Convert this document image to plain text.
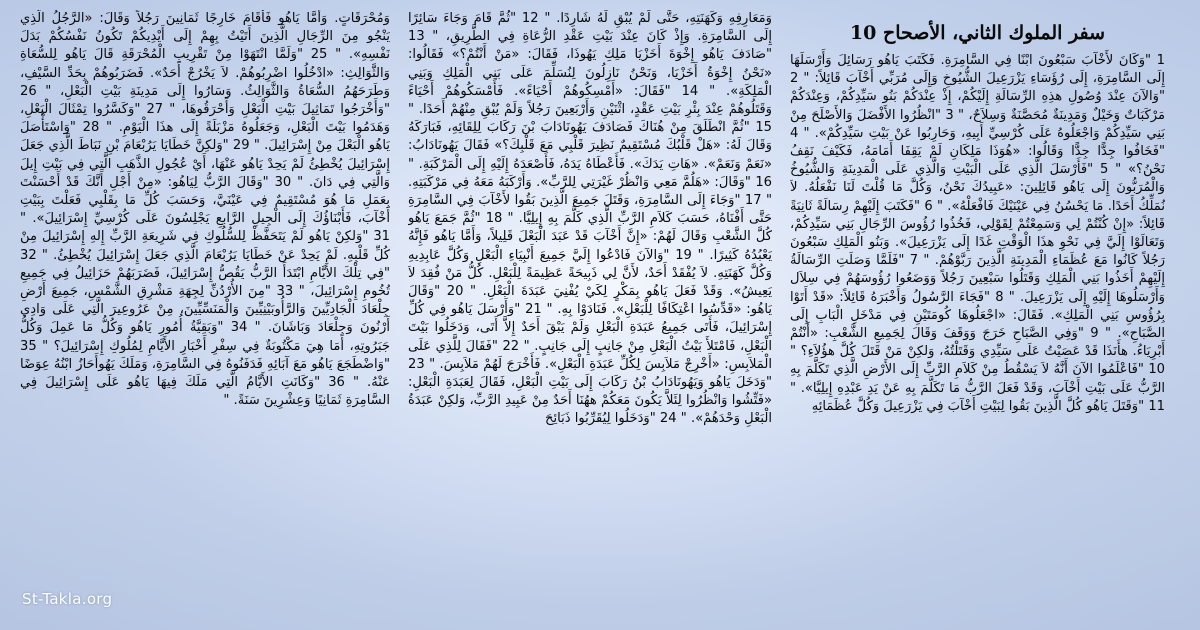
سفر الملوك الثاني، الأصحاح 10

1 "وَكَانَ لأَخْآبَ سَبْعُونَ ابْنًا فِي السَّامِرَةِ. فَكَتَبَ يَاهُو رَسَائِلَ وَأَرْسَلَهَا إِلَى السَّامِرَةِ، إِلَى رُؤَسَاءِ يَزْرَعِيلَ الشُّيُوخِ وَإِلَى مُرَبِّي أَخْآبَ قَائِلاً: " 2 "وَالآنَ عِنْدَ وُصُولِ هذِهِ الرِّسَالَةِ إِلَيْكُمْ، إِذْ عِنْدَكُمْ بَنُو سَيِّدِكُمْ، وَعِنْدَكُمْ مَرْكَبَاتٌ وَخَيْلٌ وَمَدِينَةٌ مُحَصَّنَةٌ وَسِلاَحٌ، " 3 "انْظُرُوا الأَفْضَلَ وَالأَصْلَحَ مِنْ بَنِي سَيِّدِكُمْ وَاجْعَلُوهُ عَلَى كُرْسِيِّ أَبِيهِ، وَحَارِبُوا عَنْ بَيْتِ سَيِّدِكُمْ». " 4 "فَخَافُوا جِدًّا جِدًّا وَقَالُوا: «هُوَذَا مَلِكَانِ لَمْ يَقِفَا أَمَامَهُ، فَكَيْفَ نَقِفُ نَحْنُ؟» " 5 "فَأَرْسَلَ الَّذِي عَلَى الْبَيْتِ وَالَّذِي عَلَى الْمَدِينَةِ وَالشُّيُوخُ وَالْمُرَبُّونَ إِلَى يَاهُو قَائِلِينَ: «عَبِيدُكَ نَحْنُ، وَكُلَّ مَا قُلْتَ لَنَا نَفْعَلُهُ. لاَ نُمَلِّكُ أَحَدًا. مَا يَحْسُنُ فِي عَيْنَيْكَ فَافْعَلْهُ». " 6 "فَكَتَبَ إِلَيْهِمْ رِسَالَةً ثَانِيَةً قَائِلاً: «إِنْ كُنْتُمْ لِي وَسَمِعْتُمْ لِقَوْلِي، فَخُذُوا رُؤُوسَ الرِّجَالِ بَنِي سَيِّدِكُمْ، وَتَعَالَوْا إِلَيَّ فِي نَحْوِ هذَا الْوَقْتِ غَدًا إِلَى يَزْرَعِيلَ». وَبَنُو الْمَلِكِ سَبْعُونَ رَجُلاً كَانُوا مَعَ عُظَمَاءِ الْمَدِينَةِ الَّذِينَ رَبَّوْهُمْ. " 7 "فَلَمَّا وَصَلَتِ الرِّسَالَةُ إِلَيْهِمْ أَخَذُوا بَنِي الْمَلِكِ وَقَتَلُوا سَبْعِينَ رَجُلاً وَوَضَعُوا رُؤُوسَهُمْ فِي سِلاَل وَأَرْسَلُوهَا إِلَيْهِ إِلَى يَزْرَعِيلَ. " 8 "فَجَاءَ الرَّسُولُ وَأَخْبَرَهُ قَائِلاً: «قَدْ أَتَوْا بِرُؤُوسِ بَنِي الْمَلِكِ». فَقَالَ: «اجْعَلُوهَا كُومَتَيْنِ فِي مَدْخَلِ الْبَابِ إِلَى الصَّبَاحِ». " 9 "وَفِي الصَّبَاحِ خَرَجَ وَوَقَفَ وَقَالَ لِجَمِيعِ الشَّعْبِ: «أَنْتُمْ أَبْرِيَاءُ. هأَنَذَا قَدْ عَصَيْتُ عَلَى سَيِّدِي وَقَتَلْتُهُ، وَلكِنْ مَنْ قَتَلَ كُلَّ هؤُلاَءِ؟ " 10 "فَاعْلَمُوا الآنَ أَنَّهُ لاَ يَسْقُطُ مِنْ كَلاَمِ الرَّبِّ إِلَى الأَرْضِ الَّذِي تَكَلَّمَ بِهِ الرَّبُّ عَلَى بَيْتِ أَخْآبَ، وَقَدْ فَعَلَ الرَّبُّ مَا تَكَلَّمَ بِهِ عَنْ يَدِ عَبْدِهِ إِيلِيَّا». " 11 "وَقَتَلَ يَاهُو كُلَّ الَّذِينَ بَقُوا لِبَيْتِ أَخْآبَ فِي يَزْرَعِيلَ وَكُلَّ عُظَمَائِهِ

وَمَعَارِفِهِ وَكَهَنَتِهِ، حَتَّى لَمْ يُبْقِ لَهُ شَارِدًا. " 12 "ثُمَّ قَامَ وَجَاءَ سَائِرًا إِلَى السَّامِرَةِ. وَإِذْ كَانَ عِنْدَ بَيْتِ عَقْدِ الرُّعَاةِ فِي الطَّرِيقِ، " 13 "صَادَفَ يَاهُو إِخْوَةَ أَخَزْيَا مَلِكِ يَهُوذَا، فَقَالَ: «مَنْ أَنْتُمْ؟» فَقَالُوا: «نَحْنُ إِخْوَةُ أَخَزْيَا، وَنَحْنُ نَازِلُونَ لِنُسَلِّمَ عَلَى بَنِي الْمَلِكِ وَبَنِي الْمَلِكَةِ». " 14 "فَقَالَ: «أَمْسِكُوهُمْ أَحْيَاءً». فَأَمْسَكُوهُمْ أَحْيَاءً وَقَتَلُوهُمْ عِنْدَ بِئْرِ بَيْتِ عَقْدٍ، اثْنَيْنِ وَأَرْبَعِينَ رَجُلاً وَلَمْ يُبْقِ مِنْهُمْ أَحَدًا. " 15 "ثُمَّ انْطَلَقَ مِنْ هُنَاكَ فَصَادَفَ يَهُونَادَابَ بْنَ رَكَابَ لِلِقَائِهِ، فَبَارَكَهُ وَقَالَ لَهُ: «هَلْ قَلْبُكَ مُسْتَقِيمٌ نَظِيرَ قَلْبِي مَعَ قَلْبِكَ؟» فَقَالَ يَهُونَادَابُ: «نَعَمْ وَنَعَمْ». «هَاتِ يَدَكَ». فَأَعْطَاهُ يَدَهُ، فَأَصْعَدَهُ إِلَيْهِ إِلَى الْمَرْكَبَةِ. " 16 "وَقَالَ: «هَلُمَّ مَعِي وَانْظُرْ غَيْرَتِي لِلرَّبِّ». وَأَرْكَبَهُ مَعَهُ فِي مَرْكَبَتِهِ. " 17 "وَجَاءَ إِلَى السَّامِرَةِ، وَقَتَلَ جَمِيعَ الَّذِينَ بَقُوا لأَخْآبَ فِي السَّامِرَةِ حَتَّى أَفْنَاهُ، حَسَبَ كَلاَمِ الرَّبِّ الَّذِي كَلَّمَ بِهِ إِيلِيَّا. " 18 "ثُمَّ جَمَعَ يَاهُو كُلَّ الشَّعْبِ وَقَالَ لَهُمْ: «إِنَّ أَخْآبَ قَدْ عَبَدَ الْبَعْلَ قَلِيلاً، وَأَمَّا يَاهُو فَإِنَّهُ يَعْبُدُهُ كَثِيرًا. " 19 "وَالآنَ فَادْعُوا إِلَيَّ جَمِيعَ أَنْبِيَاءِ الْبَعْلِ وَكُلَّ عَابِدِيهِ وَكُلَّ كَهَنَتِهِ. لاَ يُفْقَدْ أَحَدٌ، لأَنَّ لِي ذَبِيحَةً عَظِيمَةً لِلْبَعْلِ. كُلُّ مَنْ فُقِدَ لاَ يَعِيشُ». وَقَدْ فَعَلَ يَاهُو بِمَكْرٍ لِكَيْ يُفْنِيَ عَبَدَةَ الْبَعْلِ. " 20 "وَقَالَ يَاهُو: «قَدِّسُوا اعْتِكَافًا لِلْبَعْلِ». فَنَادَوْا بِهِ. " 21 "وَأَرْسَلَ يَاهُو فِي كُلِّ إِسْرَائِيلَ، فَأَتَى جَمِيعُ عَبَدَةِ الْبَعْلِ وَلَمْ يَبْقَ أَحَدٌ إِلاَّ أَتَى، وَدَخَلُوا بَيْتَ الْبَعْلِ، فَامْتَلأَ بَيْتُ الْبَعْلِ مِنْ جَانِبٍ إِلَى جَانِبٍ. " 22 "فَقَالَ لِلَّذِي عَلَى الْمَلاَبِسِ: «أَخْرِجْ مَلاَبِسَ لِكُلِّ عَبَدَةِ الْبَعْلِ». فَأَخْرَجَ لَهُمْ مَلاَبِسَ. " 23 "وَدَخَلَ يَاهُو وَيَهُونَادَابُ بْنُ رَكَابَ إِلَى بَيْتِ الْبَعْلِ، فَقَالَ لِعَبَدَةِ الْبَعْلِ: «فَتِّشُوا وَانْظُرُوا لِئَلاَّ يَكُونَ مَعَكُمْ ههُنَا أَحَدٌ مِنْ عَبِيدِ الرَّبِّ، وَلكِنْ عَبَدَةُ الْبَعْلِ وَحْدَهُمْ». " 24 "وَدَخَلُوا لِيُقَرِّبُوا ذَبَائِحَ

وَمُحْرَقَاتٍ. وَأَمَّا يَاهُو فَأَقَامَ خَارِجًا ثَمَانِينَ رَجُلاً وَقَالَ: «الرَّجُلُ الَّذِي يَنْجُو مِنَ الرِّجَالِ الَّذِينَ أَتَيْتُ بِهِمْ إِلَى أَيْدِيكُمْ تَكُونُ نَفْسُكُمْ بَدَلَ نَفْسِهِ». " 25 "وَلَمَّا انْتَهَوْا مِنْ تَقْرِيبِ الْمُحْرَقَةِ قَالَ يَاهُو لِلسُّعَاةِ وَالثَّوَالِثِ: «ادْخُلُوا اضْرِبُوهُمْ. لاَ يَخْرُجْ أَحَدٌ». فَضَرَبُوهُمْ بِحَدِّ السَّيْفِ، وَطَرَحَهُمُ السُّعَاةُ وَالثَّوَالِثُ. وَسَارُوا إِلَى مَدِينَةِ بَيْتِ الْبَعْلِ، " 26 "وَأَخْرَجُوا تَمَاثِيلَ بَيْتِ الْبَعْلِ وَأَحْرَقُوهَا، " 27 "وَكَسَّرُوا تِمْثَالَ الْبَعْلِ، وَهَدَمُوا بَيْتَ الْبَعْلِ، وَجَعَلُوهُ مَزْبَلَةً إِلَى هذَا الْيَوْمِ. " 28 "وَاسْتَأْصَلَ يَاهُو الْبَعْلَ مِنْ إِسْرَائِيلَ. " 29 "وَلكِنَّ خَطَايَا يَرُبْعَامَ بْنِ نَبَاطَ الَّذِي جَعَلَ إِسْرَائِيلَ يُخْطِئُ لَمْ يَحِدْ يَاهُو عَنْهَا، أَيْ عُجُولِ الذَّهَبِ الَّتِي فِي بَيْتِ إِيلَ وَالَّتِي فِي دَانَ. " 30 "وَقَالَ الرَّبُّ لِيَاهُو: «مِنْ أَجْلِ أَنَّكَ قَدْ أَحْسَنْتَ بِعَمَلِ مَا هُوَ مُسْتَقِيمٌ فِي عَيْنَيَّ، وَحَسَبَ كُلِّ مَا بِقَلْبِي فَعَلْتَ بِبَيْتِ أَخْآبَ، فَأَبْنَاؤُكَ إِلَى الْجِيلِ الرَّابعِ يَجْلِسُونَ عَلَى كُرْسِيِّ إِسْرَائِيلَ». " 31 "وَلكِنْ يَاهُو لَمْ يَتَحَفَّظْ لِلسُّلُوكِ فِي شَرِيعَةِ الرَّبِّ إِلهِ إِسْرَائِيلَ مِنْ كُلِّ قَلْبِهِ. لَمْ يَحِدْ عَنْ خَطَايَا يَرُبْعَامَ الَّذِي جَعَلَ إِسْرَائِيلَ يُخْطِئُ. " 32 "فِي تِلْكَ الأَيَّامِ ابْتَدَأَ الرَّبُّ يَقُصُّ إِسْرَائِيلَ، فَضَرَبَهُمْ حَزَائِيلُ فِي جَمِيعِ تُخُومِ إِسْرَائِيلَ، " 33 "مِنَ الأُرْدُنِّ لِجِهَةِ مَشْرِقِ الشَّمْسِ، جَمِيعَ أَرْضِ جِلْعَادَ الْجَادِيِّينَ وَالرَّأُوبَيْنِيِّينَ وَالْمَنَسِّيِّينَ، مِنْ عَرُوعِيرَ الَّتِي عَلَى وَادِي أَرْنُونَ وَجِلْعَادَ وَبَاشَانَ. " 34 "وَبَقِيَّةُ أُمُورِ يَاهُو وَكُلُّ مَا عَمِلَ وَكُلُّ جَبَرُوتِهِ، أَمَا هِيَ مَكْتُوبَةٌ فِي سِفْرِ أَخْبَارِ الأَيَّامِ لِمُلُوكِ إِسْرَائِيلَ؟ " 35 "وَاضْطَجَعَ يَاهُو مَعَ آبَائِهِ فَدَفَنُوهُ فِي السَّامِرَةِ، وَمَلَكَ يَهُوأَحَازُ ابْنُهُ عِوَضًا عَنْهُ. " 36 "وَكَانَتِ الأَيَّامُ الَّتِي مَلَكَ فِيهَا يَاهُو عَلَى إِسْرَائِيلَ فِي السَّامِرَةِ ثَمَانِيًا وَعِشْرِينَ سَنَةً. "

St-Takla.org
